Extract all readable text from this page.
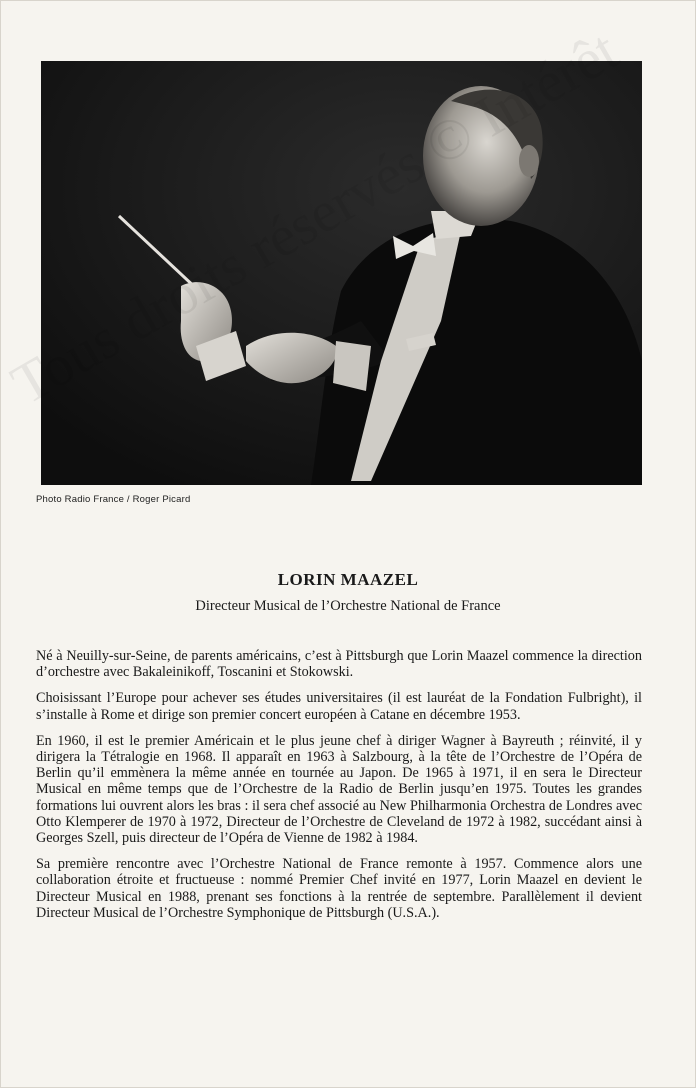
Photo Radio France / Roger Picard
LORIN MAAZEL
Directeur Musical de l’Orchestre National de France

Né à Neuilly-sur-Seine, de parents américains, c’est à Pittsburgh que Lorin Maazel commence la direction d’orchestre avec Bakaleinikoff, Toscanini et Stokowski.

Choisissant l’Europe pour achever ses études universitaires (il est lauréat de la Fondation Fulbright), il s’installe à Rome et dirige son premier concert européen à Catane en décembre 1953.

En 1960, il est le premier Américain et le plus jeune chef à diriger Wagner à Bayreuth ; réinvité, il y dirigera la Tétralogie en 1968. Il apparaît en 1963 à Salzbourg, à la tête de l’Orchestre de l’Opéra de Berlin qu’il emmènera la même année en tournée au Japon. De 1965 à 1971, il en sera le Directeur Musical en même temps que de l’Orchestre de la Radio de Berlin jusqu’en 1975. Toutes les grandes formations lui ouvrent alors les bras : il sera chef associé au New Philharmonia Orchestra de Londres avec Otto Klemperer de 1970 à 1972, Directeur de l’Orchestre de Cleveland de 1972 à 1982, succédant ainsi à Georges Szell, puis directeur de l’Opéra de Vienne de 1982 à 1984.

Sa première rencontre avec l’Orchestre National de France remonte à 1957. Commence alors une collaboration étroite et fructueuse : nommé Premier Chef invité en 1977, Lorin Maazel en devient le Directeur Musical en 1988, prenant ses fonctions à la rentrée de septembre. Parallèlement il devient Directeur Musical de l’Orchestre Symphonique de Pittsburgh (U.S.A.).
